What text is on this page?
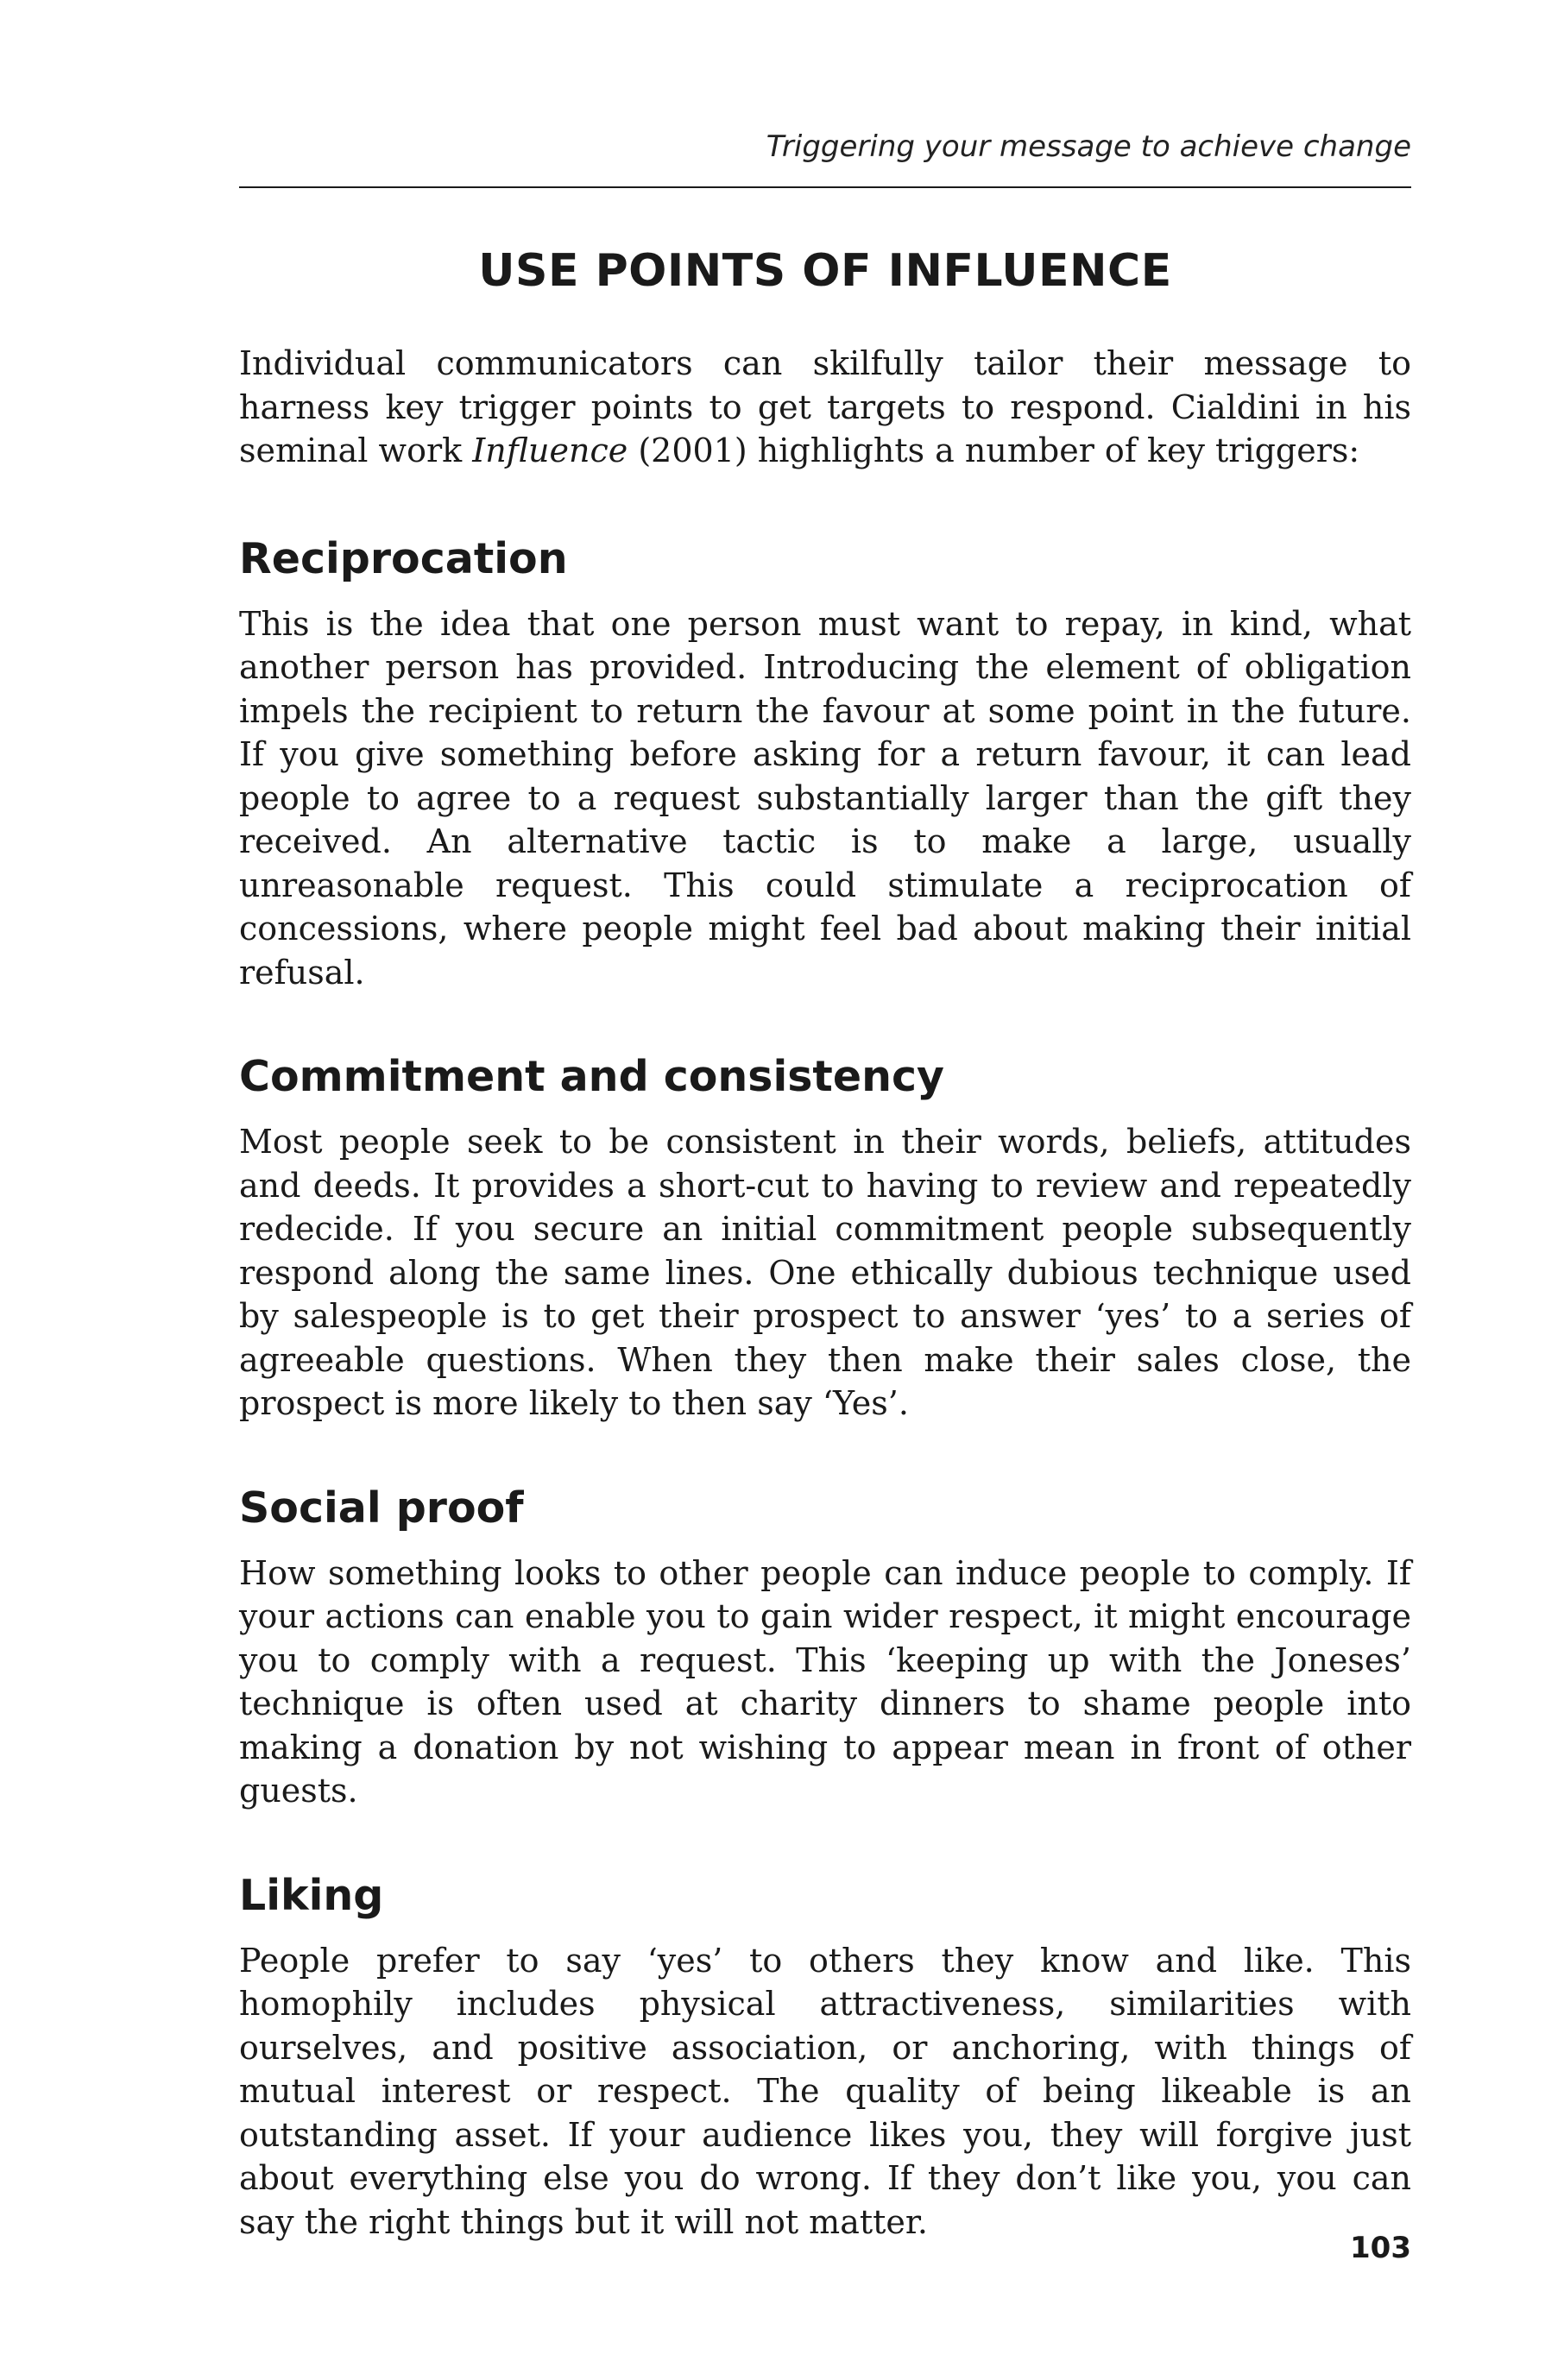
Triggering your message to achieve change
USE POINTS OF INFLUENCE

Individual communicators can skilfully tailor their message to harness key trigger points to get targets to respond. Cialdini in his seminal work Influence (2001) highlights a number of key triggers:

Reciprocation

This is the idea that one person must want to repay, in kind, what another person has provided. Introducing the element of obligation impels the recipient to return the favour at some point in the future. If you give something before asking for a return favour, it can lead people to agree to a request substantially larger than the gift they received. An alternative tactic is to make a large, usually unreasonable request. This could stimulate a reciprocation of concessions, where people might feel bad about making their initial refusal.

Commitment and consistency

Most people seek to be consistent in their words, beliefs, attitudes and deeds. It provides a short-cut to having to review and repeatedly redecide. If you secure an initial commitment people subsequently respond along the same lines. One ethically dubious technique used by salespeople is to get their prospect to answer ‘yes’ to a series of agreeable questions. When they then make their sales close, the prospect is more likely to then say ‘Yes’.

Social proof

How something looks to other people can induce people to comply. If your actions can enable you to gain wider respect, it might encourage you to comply with a request. This ‘keeping up with the Joneses’ technique is often used at charity dinners to shame people into making a donation by not wishing to appear mean in front of other guests.

Liking

People prefer to say ‘yes’ to others they know and like. This homophily includes physical attractiveness, similarities with ourselves, and positive association, or anchoring, with things of mutual interest or respect. The quality of being likeable is an outstanding asset. If your audience likes you, they will forgive just about everything else you do wrong. If they don’t like you, you can say the right things but it will not matter.

103
